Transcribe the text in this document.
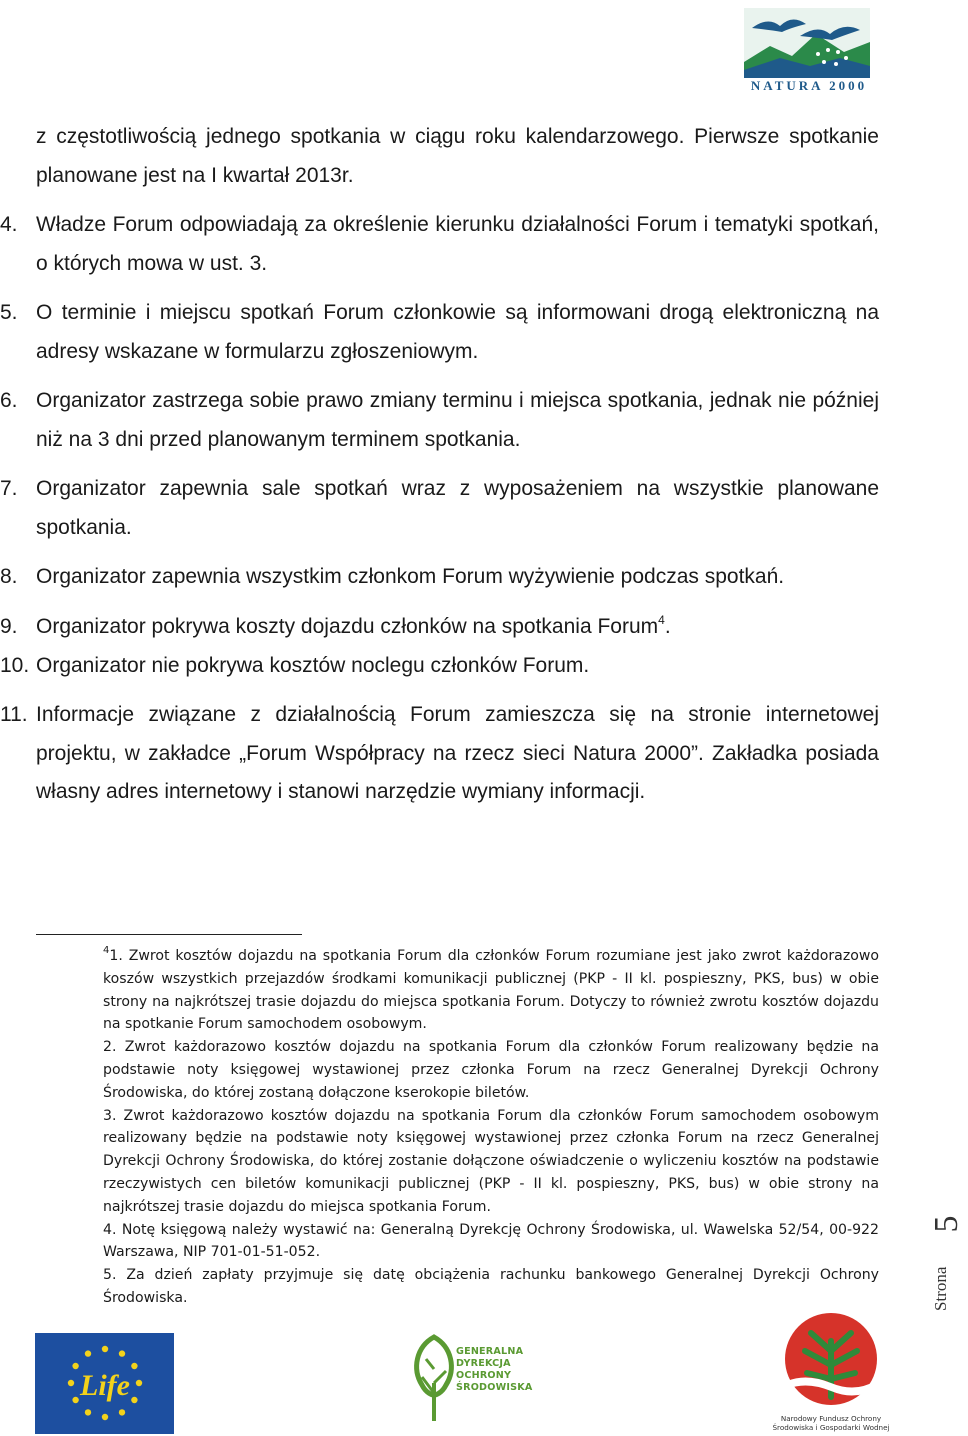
NATURA 2000
z częstotliwością jednego spotkania w ciągu roku kalendarzowego. Pierwsze spotkanie planowane jest na I kwartał 2013r.
4. Władze Forum odpowiadają za określenie kierunku działalności Forum i tematyki spotkań, o których mowa w ust. 3.
5. O terminie i miejscu spotkań Forum członkowie są informowani drogą elektroniczną na adresy wskazane w formularzu zgłoszeniowym.
6. Organizator zastrzega sobie prawo zmiany terminu i miejsca spotkania, jednak nie później niż na 3 dni przed planowanym terminem spotkania.
7. Organizator zapewnia sale spotkań wraz z wyposażeniem na wszystkie planowane spotkania.
8. Organizator zapewnia wszystkim członkom Forum wyżywienie podczas spotkań.
9. Organizator pokrywa koszty dojazdu członków na spotkania Forum$^4$.
10. Organizator nie pokrywa kosztów noclegu członków Forum.
11. Informacje związane z działalnością Forum zamieszcza się na stronie internetowej projektu, w zakładce „Forum Współpracy na rzecz sieci Natura 2000”. Zakładka posiada własny adres internetowy i stanowi narzędzie wymiany informacji.

$^4$1. Zwrot kosztów dojazdu na spotkania Forum dla członków Forum rozumiane jest jako zwrot każdorazowo koszów wszystkich przejazdów środkami komunikacji publicznej (PKP - II kl. pospieszny, PKS, bus) w obie strony na najkrótszej trasie dojazdu do miejsca spotkania Forum. Dotyczy to również zwrotu kosztów dojazdu na spotkanie Forum samochodem osobowym.

2. Zwrot każdorazowo kosztów dojazdu na spotkania Forum dla członków Forum realizowany będzie na podstawie noty księgowej wystawionej przez członka Forum na rzecz Generalnej Dyrekcji Ochrony Środowiska, do której zostaną dołączone kserokopie biletów.

3. Zwrot każdorazowo kosztów dojazdu na spotkania Forum dla członków Forum samochodem osobowym realizowany będzie na podstawie noty księgowej wystawionej przez członka Forum na rzecz Generalnej Dyrekcji Ochrony Środowiska, do której zostanie dołączone oświadczenie o wyliczeniu kosztów na podstawie rzeczywistych cen biletów komunikacji publicznej (PKP - II kl. pospieszny, PKS, bus) w obie strony na najkrótszej trasie dojazdu do miejsca spotkania Forum.

4. Notę księgową należy wystawić na: Generalną Dyrekcję Ochrony Środowiska, ul. Wawelska 52/54, 00-922 Warszawa, NIP 701-01-51-052.

5. Za dzień zapłaty przyjmuje się datę obciążenia rachunku bankowego Generalnej Dyrekcji Ochrony Środowiska.

5
Strona
Life
GENERALNA
DYREKCJA
OCHRONY
ŚRODOWISKA
Narodowy Fundusz Ochrony Środowiska i Gospodarki Wodnej
